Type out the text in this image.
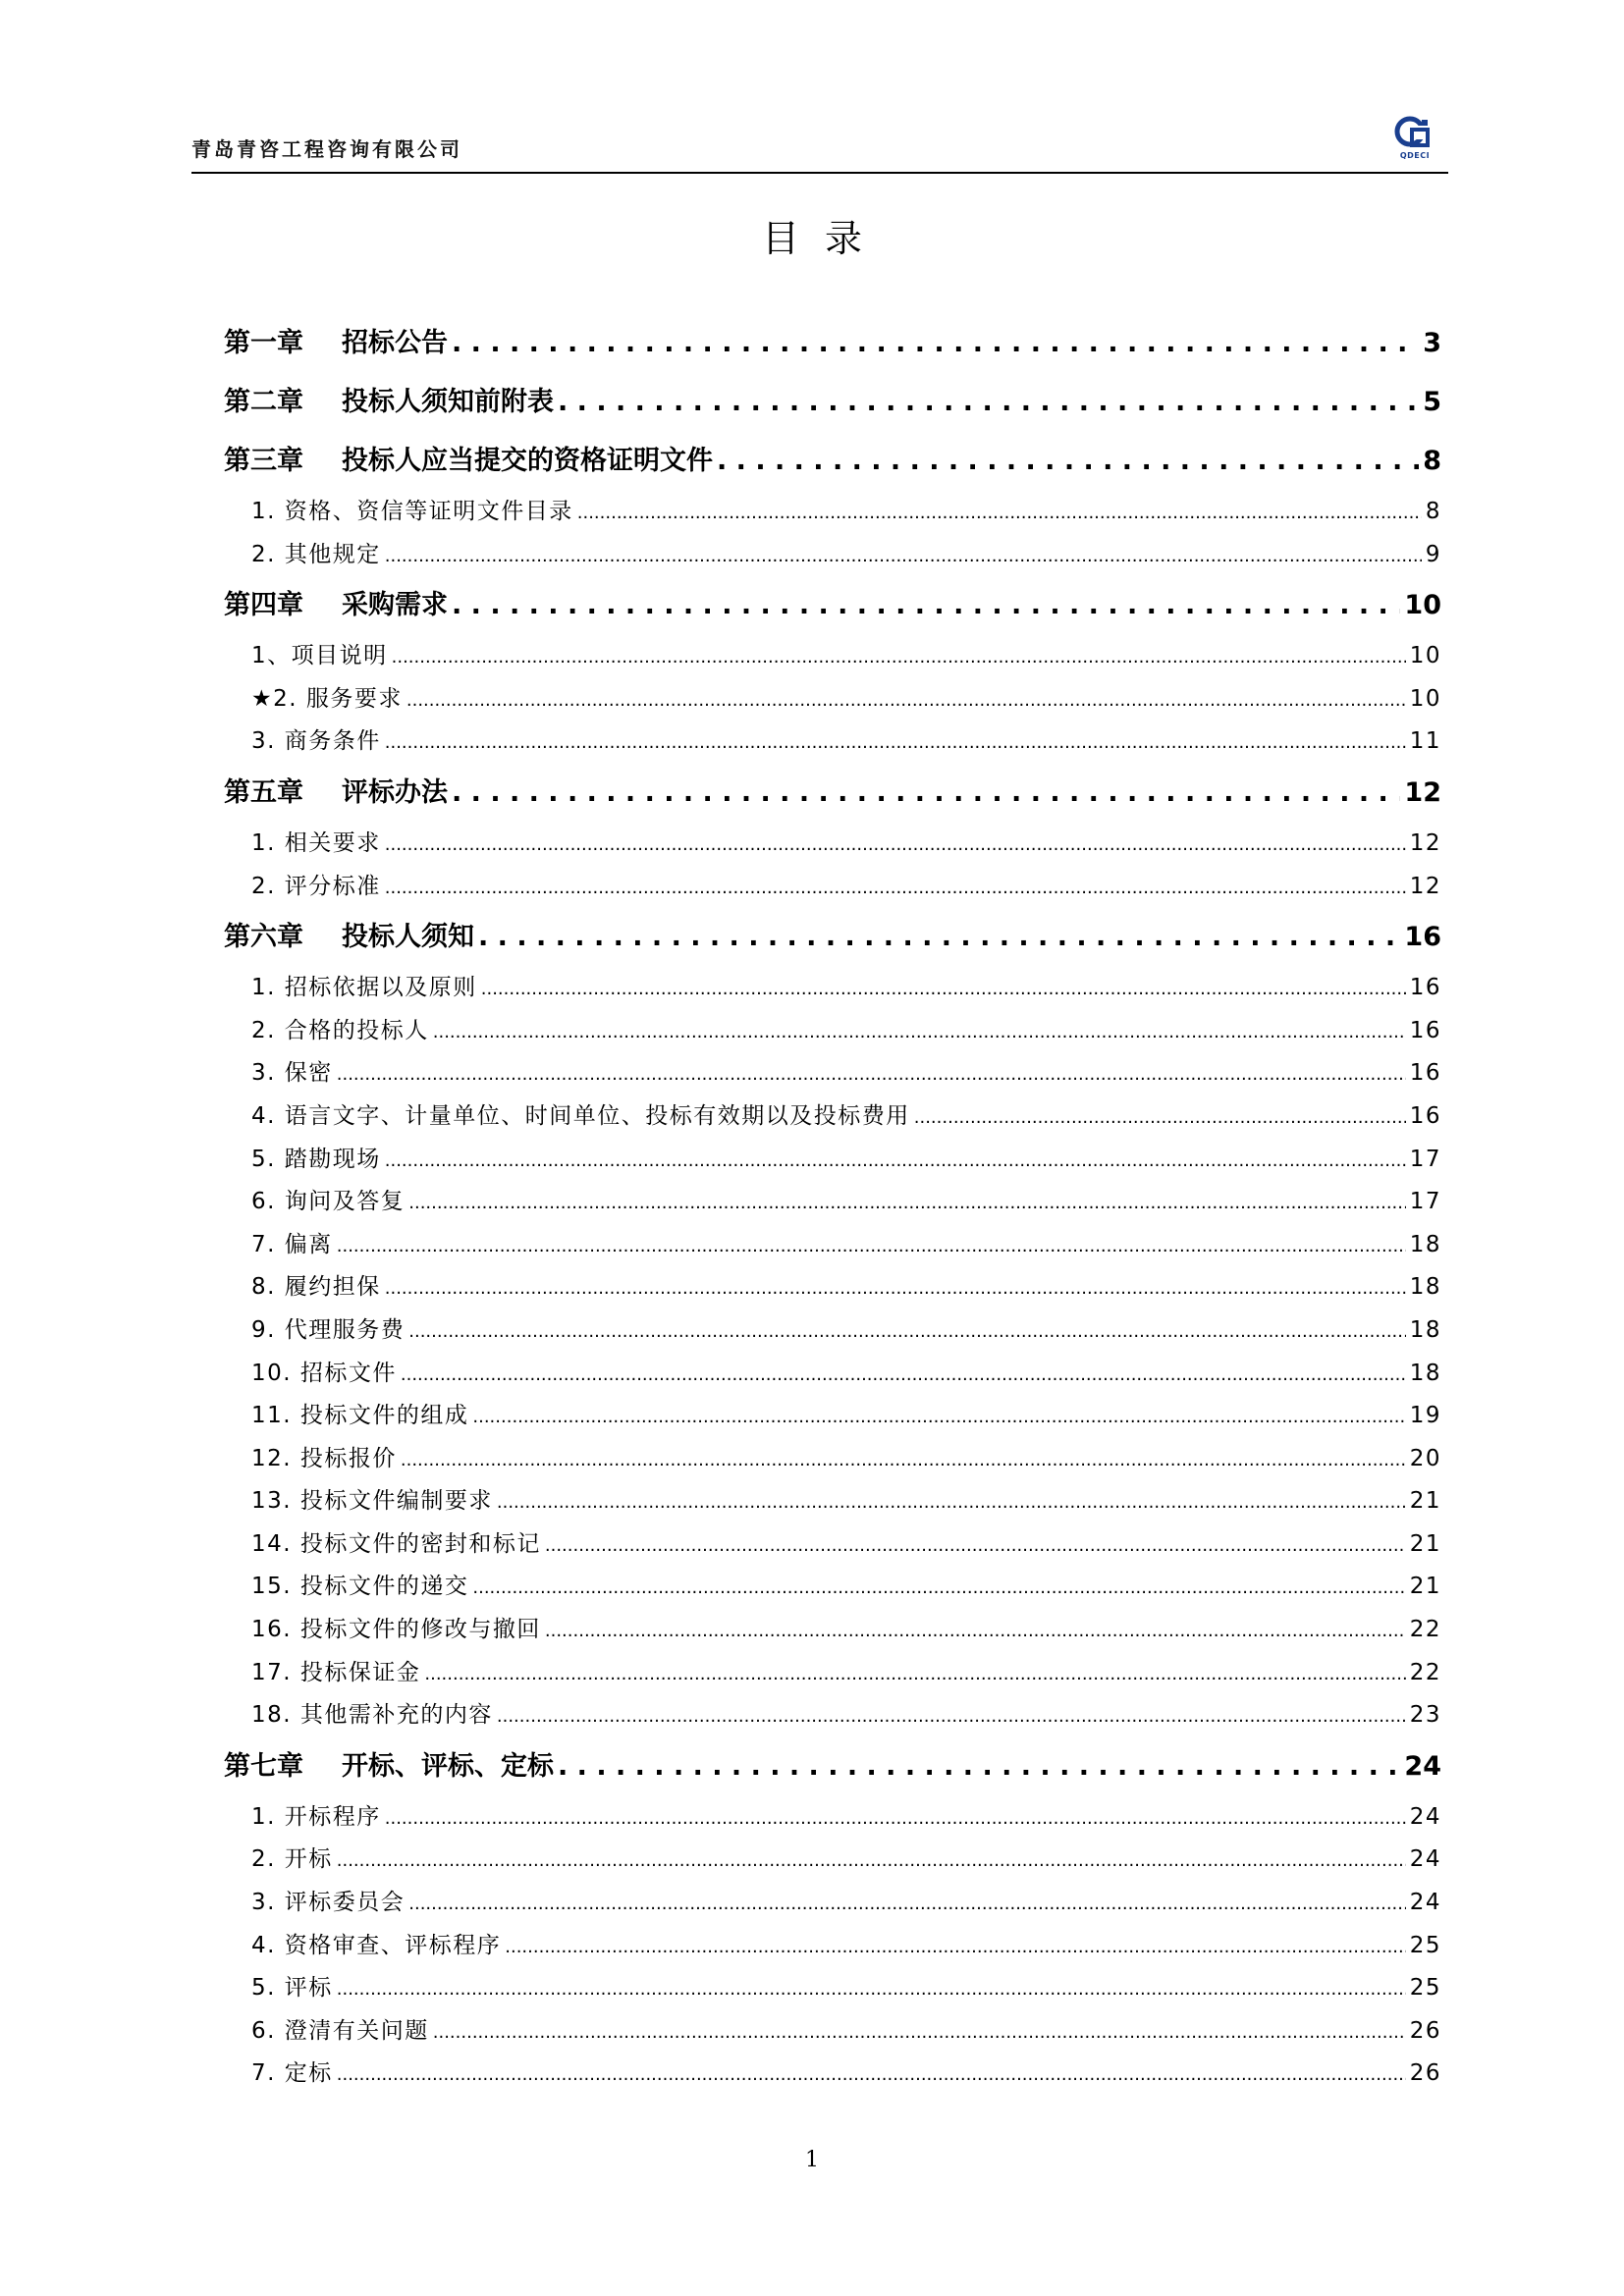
青岛青咨工程咨询有限公司	QDECI
目录
第一章	招标公告 . . .	3
第二章	投标人须知前附表 . . .	5
第三章	投标人应当提交的资格证明文件 . . .	8
1. 资格、资信等证明文件目录 .....	8
2. 其他规定 .....	9
第四章	采购需求 . . .	10
1、项目说明 .....	10
★2. 服务要求 .....	10
3. 商务条件 .....	11
第五章	评标办法 . . .	12
1. 相关要求 .....	12
2. 评分标准 .....	12
第六章	投标人须知 . . .	16
1. 招标依据以及原则 .....	16
2. 合格的投标人 .....	16
3. 保密 .....	16
4. 语言文字、计量单位、时间单位、投标有效期以及投标费用 .....	16
5. 踏勘现场 .....	17
6. 询问及答复 .....	17
7. 偏离 .....	18
8. 履约担保 .....	18
9. 代理服务费 .....	18
10. 招标文件 .....	18
11. 投标文件的组成 .....	19
12. 投标报价 .....	20
13. 投标文件编制要求 .....	21
14. 投标文件的密封和标记 .....	21
15. 投标文件的递交 .....	21
16. 投标文件的修改与撤回 .....	22
17. 投标保证金 .....	22
18. 其他需补充的内容 .....	23
第七章	开标、评标、定标 . . .	24
1. 开标程序 .....	24
2. 开标 .....	24
3. 评标委员会 .....	24
4. 资格审查、评标程序 .....	25
5. 评标 .....	25
6. 澄清有关问题 .....	26
7. 定标 .....	26
1
